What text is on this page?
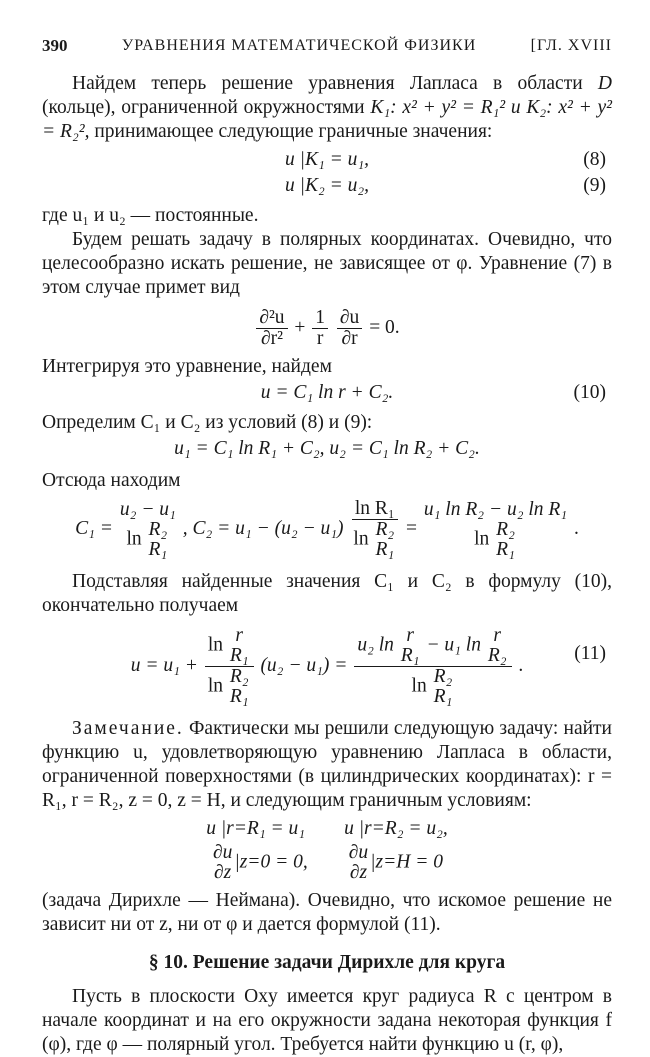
390	УРАВНЕНИЯ МАТЕМАТИЧЕСКОЙ ФИЗИКИ	[ГЛ. XVIII

Найдем теперь решение уравнения Лапласа в области D (кольце), ограниченной окружностями K₁: x² + y² = R₁² и K₂: x² + y² = R₂², принимающее следующие граничные значения:

u |K₁ = u₁,	(8)
u |K₂ = u₂,	(9)

где u₁ и u₂ — постоянные.

Будем решать задачу в полярных координатах. Очевидно, что целесообразно искать решение, не зависящее от φ. Уравнение (7) в этом случае примет вид

$\frac{\text{∂²u}}{\text{∂r²}} + \frac{1}{r}$
$\frac{\partial u}{\partial r} = 0$.

Интегрируя это уравнение, найдем

u = C₁ ln r + C₂.	(10)

Определим C₁ и C₂ из условий (8) и (9):

u₁ = C₁ ln R₁ + C₂, u₂ = C₁ ln R₂ + C₂.

Отсюда находим

C₁ =
u₂ − u₁
ln R₂
R₁
, C₂ = u₁ − (u₂ − u₁) ln R₁
ln R₂
R₁ =
u₁ ln R₂ − u₂ ln R₁
ln R₂
R₁
.

Подставляя найденные значения C₁ и C₂ в формулу (10), окончательно получаем

u = u₁ + ln r
R₁
ln R₂
R₁ (u₂ − u₁) = u₂ ln r
R₁
− u₁ ln r
R₂
ln R₂
R₁ .
(11)

Замечание. Фактически мы решили следующую задачу: найти функцию u, удовлетворяющую уравнению Лапласа в области, ограниченной поверхностями (в цилиндрических координатах): r = R₁, r = R₂, z = 0, z = H, и следующим граничным условиям:

u |r=R₁ = u₁ u |r=R₂ = u₂,
∂u
∂z
|z=0 = 0, ∂u
∂z
|z=H = 0

(задача Дирихле — Неймана). Очевидно, что искомое решение не зависит ни от z, ни от φ и дается формулой (11).

§ 10. Решение задачи Дирихле для круга

Пусть в плоскости Oxy имеется круг радиуса R с центром в начале координат и на его окружности задана некоторая функция f (φ), где φ — полярный угол. Требуется найти функцию u (r, φ),
